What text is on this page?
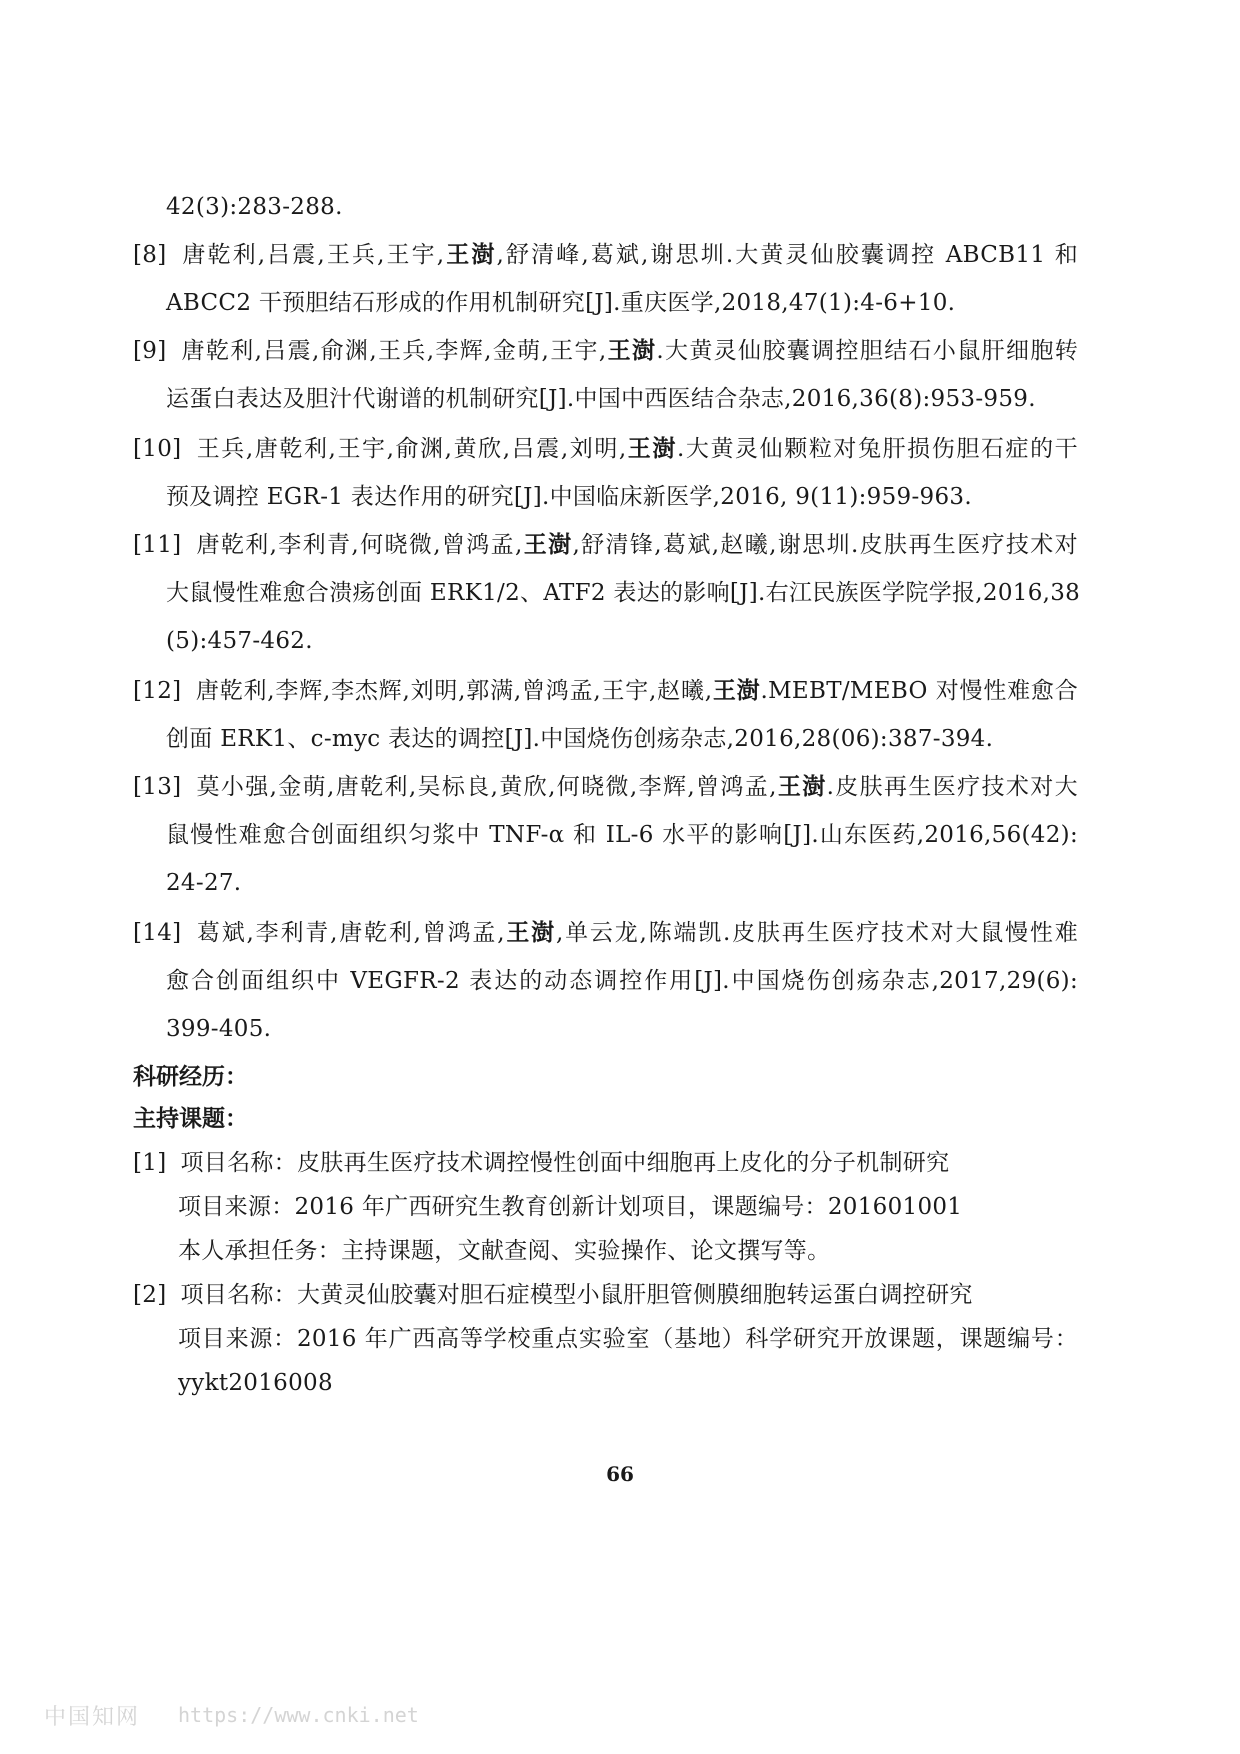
42(3):283-288.
[8] 唐乾利,吕震,王兵,王宇,王澍,舒清峰,葛斌,谢思圳.大黄灵仙胶囊调控 ABCB11 和
ABCC2 干预胆结石形成的作用机制研究[J].重庆医学,2018,47(1):4-6+10.
[9] 唐乾利,吕震,俞渊,王兵,李辉,金萌,王宇,王澍.大黄灵仙胶囊调控胆结石小鼠肝细胞转
运蛋白表达及胆汁代谢谱的机制研究[J].中国中西医结合杂志,2016,36(8):953-959.
[10] 王兵,唐乾利,王宇,俞渊,黄欣,吕震,刘明,王澍.大黄灵仙颗粒对兔肝损伤胆石症的干
预及调控 EGR-1 表达作用的研究[J].中国临床新医学,2016, 9(11):959-963.
[11] 唐乾利,李利青,何晓微,曾鸿孟,王澍,舒清锋,葛斌,赵曦,谢思圳.皮肤再生医疗技术对
大鼠慢性难愈合溃疡创面 ERK1/2、ATF2 表达的影响[J].右江民族医学院学报,2016,38
(5):457-462.
[12] 唐乾利,李辉,李杰辉,刘明,郭满,曾鸿孟,王宇,赵曦,王澍.MEBT/MEBO 对慢性难愈合
创面 ERK1、c-myc 表达的调控[J].中国烧伤创疡杂志,2016,28(06):387-394.
[13] 莫小强,金萌,唐乾利,吴标良,黄欣,何晓微,李辉,曾鸿孟,王澍.皮肤再生医疗技术对大
鼠慢性难愈合创面组织匀浆中 TNF-α 和 IL-6 水平的影响[J].山东医药,2016,56(42):
24-27.
[14] 葛斌,李利青,唐乾利,曾鸿孟,王澍,单云龙,陈端凯.皮肤再生医疗技术对大鼠慢性难
愈合创面组织中 VEGFR-2 表达的动态调控作用[J].中国烧伤创疡杂志,2017,29(6):
399-405.
科研经历：
主持课题：
[1] 项目名称：皮肤再生医疗技术调控慢性创面中细胞再上皮化的分子机制研究
项目来源：2016 年广西研究生教育创新计划项目，课题编号：201601001
本人承担任务：主持课题，文献查阅、实验操作、论文撰写等。
[2] 项目名称：大黄灵仙胶囊对胆石症模型小鼠肝胆管侧膜细胞转运蛋白调控研究
项目来源：2016 年广西高等学校重点实验室（基地）科学研究开放课题，课题编号：
yykt2016008
66
中国知网 https://www.cnki.net
